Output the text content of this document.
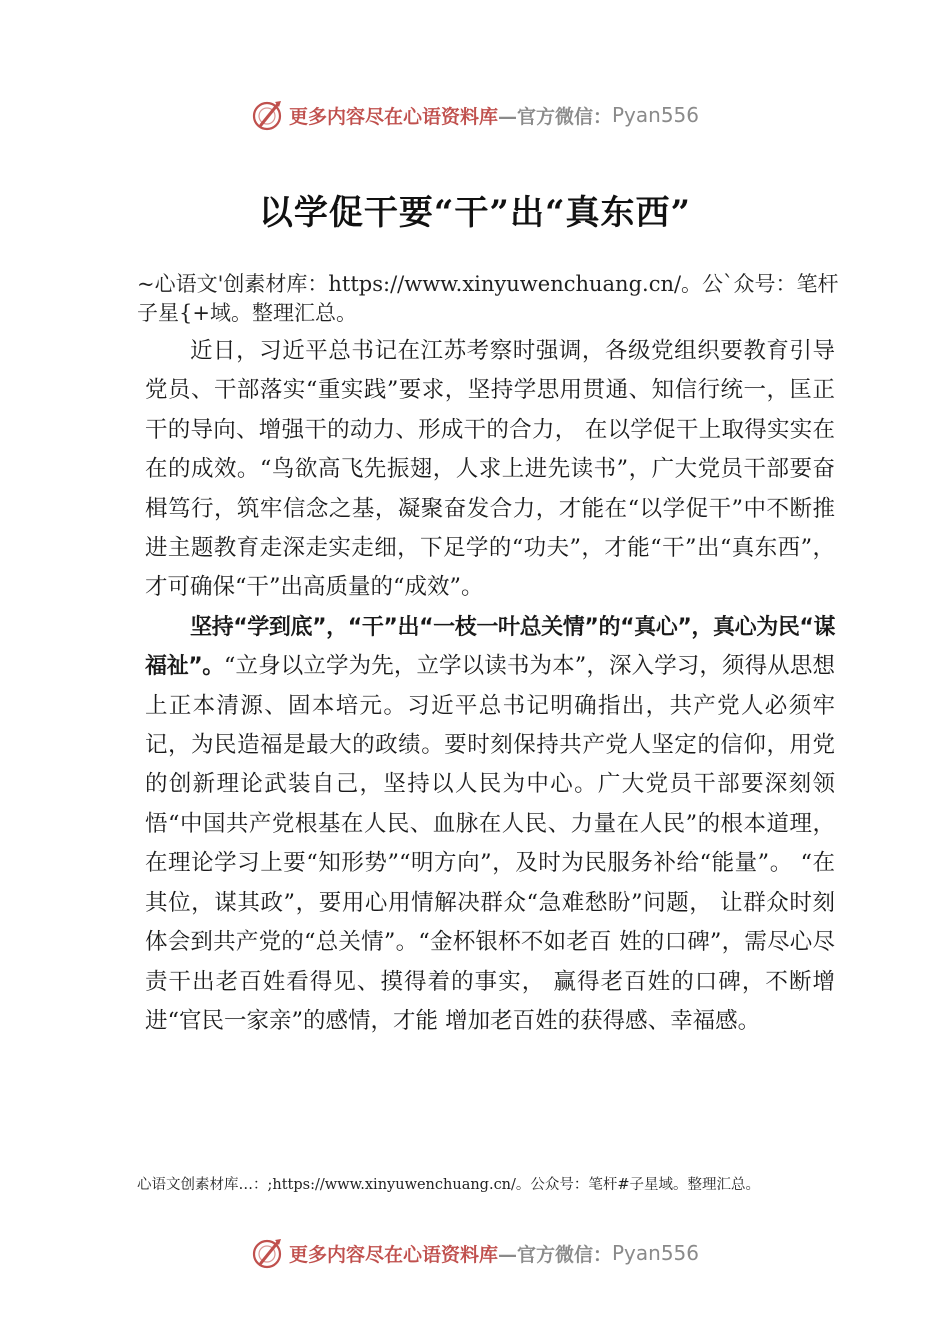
更多内容尽在心语资料库 —官方微信： Pyan556
以学促干要“干”出“真东西”

~心语文'创素材库：https://www.xinyuwenchuang.cn/。公`众号：笔杆子星{+域。整理汇总。

近日，习近平总书记在江苏考察时强调，各级党组织要教育引导党员、干部落实“重实践”要求，坚持学思用贯通、知信行统一，匡正干的导向、增强干的动力、形成干的合力， 在以学促干上取得实实在在的成效。“鸟欲高飞先振翅，人求上进先读书”，广大党员干部要奋楫笃行，筑牢信念之基，凝聚奋发合力，才能在“以学促干”中不断推进主题教育走深走实走细，下足学的“功夫”，才能“干”出“真东西”，才可确保“干”出高质量的“成效”。

坚持“学到底”，“干”出“一枝一叶总关情”的“真心”，真心为民“谋福祉”。“立身以立学为先，立学以读书为本”，深入学习，须得从思想上正本清源、固本培元。习近平总书记明确指出，共产党人必须牢记，为民造福是最大的政绩。要时刻保持共产党人坚定的信仰，用党的创新理论武装自己，坚持以人民为中心。广大党员干部要深刻领悟“中国共产党根基在人民、血脉在人民、力量在人民”的根本道理，在理论学习上要“知形势”“明方向”，及时为民服务补给“能量”。 “在其位，谋其政”，要用心用情解决群众“急难愁盼”问题， 让群众时刻体会到共产党的“总关情”。“金杯银杯不如老百 姓的口碑”，需尽心尽责干出老百姓看得见、摸得着的事实， 赢得老百姓的口碑，不断增进“官民一家亲”的感情，才能 增加老百姓的获得感、幸福感。

心语文创素材库…：;https://www.xinyuwenchuang.cn/。公众号：笔杆#子星域。整理汇总。

更多内容尽在心语资料库 —官方微信： Pyan556
